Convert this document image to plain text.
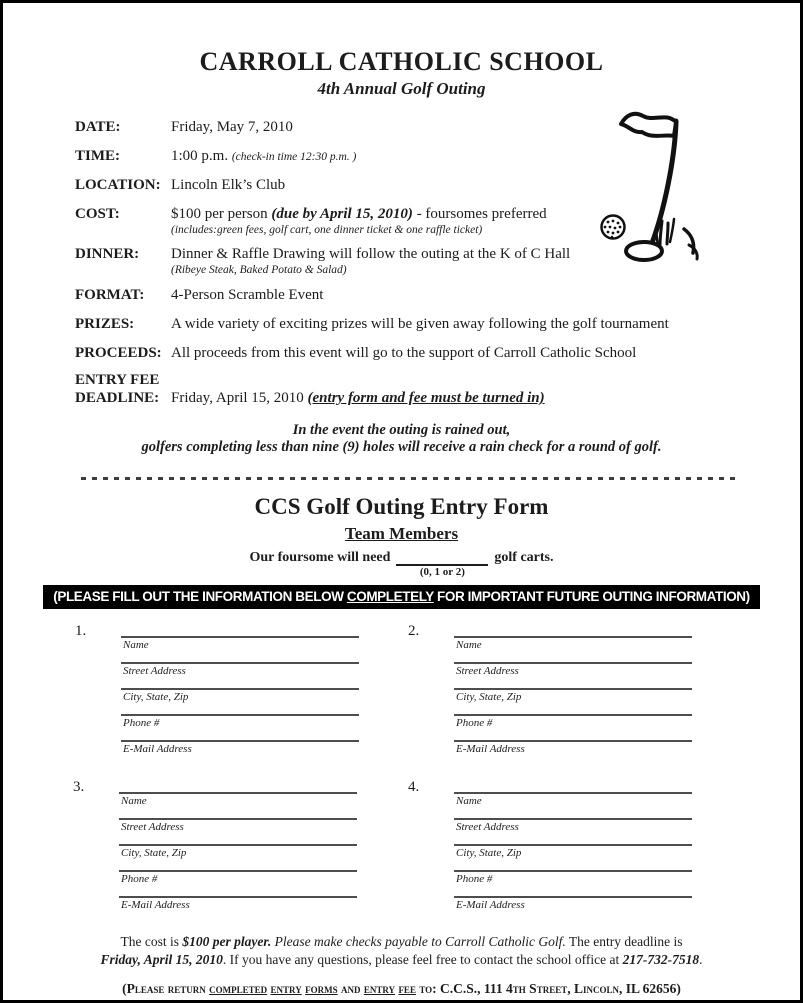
CARROLL CATHOLIC SCHOOL
4th Annual Golf Outing
DATE:	Friday, May 7, 2010
TIME:	1:00 p.m. (check-in time 12:30 p.m. )
LOCATION: Lincoln Elk’s Club
COST:	$100 per person (due by April 15, 2010) - foursomes preferred
(includes:green fees, golf cart, one dinner ticket & one raffle ticket)
DINNER: Dinner & Raffle Drawing will follow the outing at the K of C Hall
(Ribeye Steak, Baked Potato & Salad)
FORMAT: 4-Person Scramble Event
PRIZES: A wide variety of exciting prizes will be given away following the golf tournament
PROCEEDS: All proceeds from this event will go to the support of Carroll Catholic School
ENTRY FEE
DEADLINE: Friday, April 15, 2010 (entry form and fee must be turned in)
In the event the outing is rained out,
golfers completing less than nine (9) holes will receive a rain check for a round of golf.
CCS Golf Outing Entry Form
Team Members
Our foursome will need
(0, 1 or 2)
golf carts.
(PLEASE FILL OUT THE INFORMATION BELOW COMPLETELY FOR IMPORTANT FUTURE OUTING INFORMATION)
1.
Name
Street Address
City, State, Zip
Phone #
E-Mail Address
2.
Name
Street Address
City, State, Zip
Phone #
E-Mail Address
3.
Name
Street Address
City, State, Zip
Phone #
E-Mail Address
4.
Name
Street Address
City, State, Zip
Phone #
E-Mail Address
The cost is $100 per player. Please make checks payable to Carroll Catholic Golf. The entry deadline is
Friday, April 15, 2010. If you have any questions, please feel free to contact the school office at 217-732-7518.
(Please return completed entry forms and entry fee to: C.C.S., 111 4th Street, Lincoln, IL 62656)
